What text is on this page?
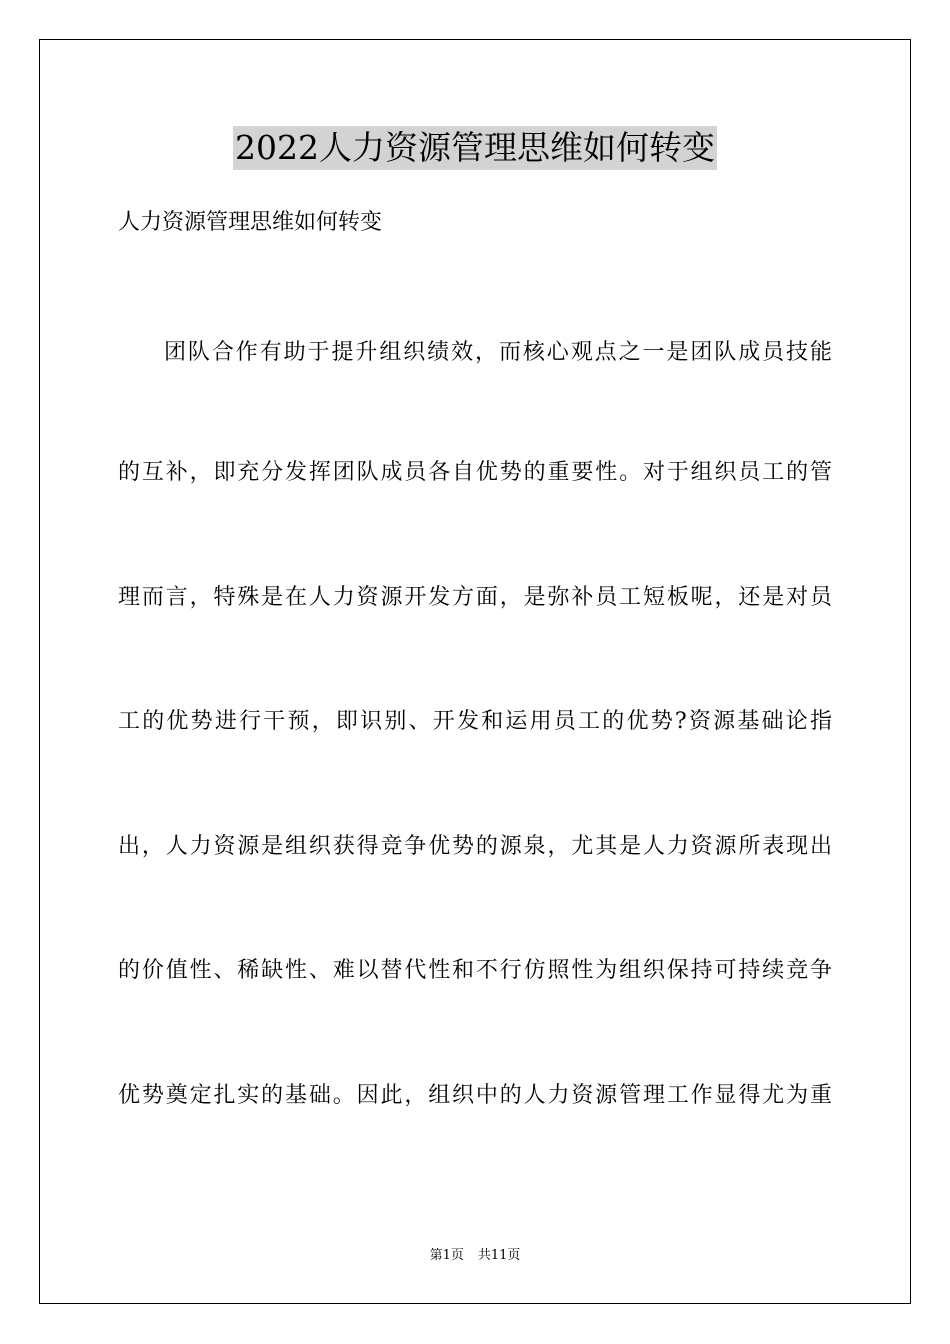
2022人力资源管理思维如何转变
人力资源管理思维如何转变
团队合作有助于提升组织绩效，而核心观点之一是团队成员技能
的互补，即充分发挥团队成员各自优势的重要性。对于组织员工的管
理而言，特殊是在人力资源开发方面，是弥补员工短板呢，还是对员
工的优势进行干预，即识别、开发和运用员工的优势?资源基础论指
出，人力资源是组织获得竞争优势的源泉，尤其是人力资源所表现出
的价值性、稀缺性、难以替代性和不行仿照性为组织保持可持续竞争
优势奠定扎实的基础。因此，组织中的人力资源管理工作显得尤为重
第1页 共11页
